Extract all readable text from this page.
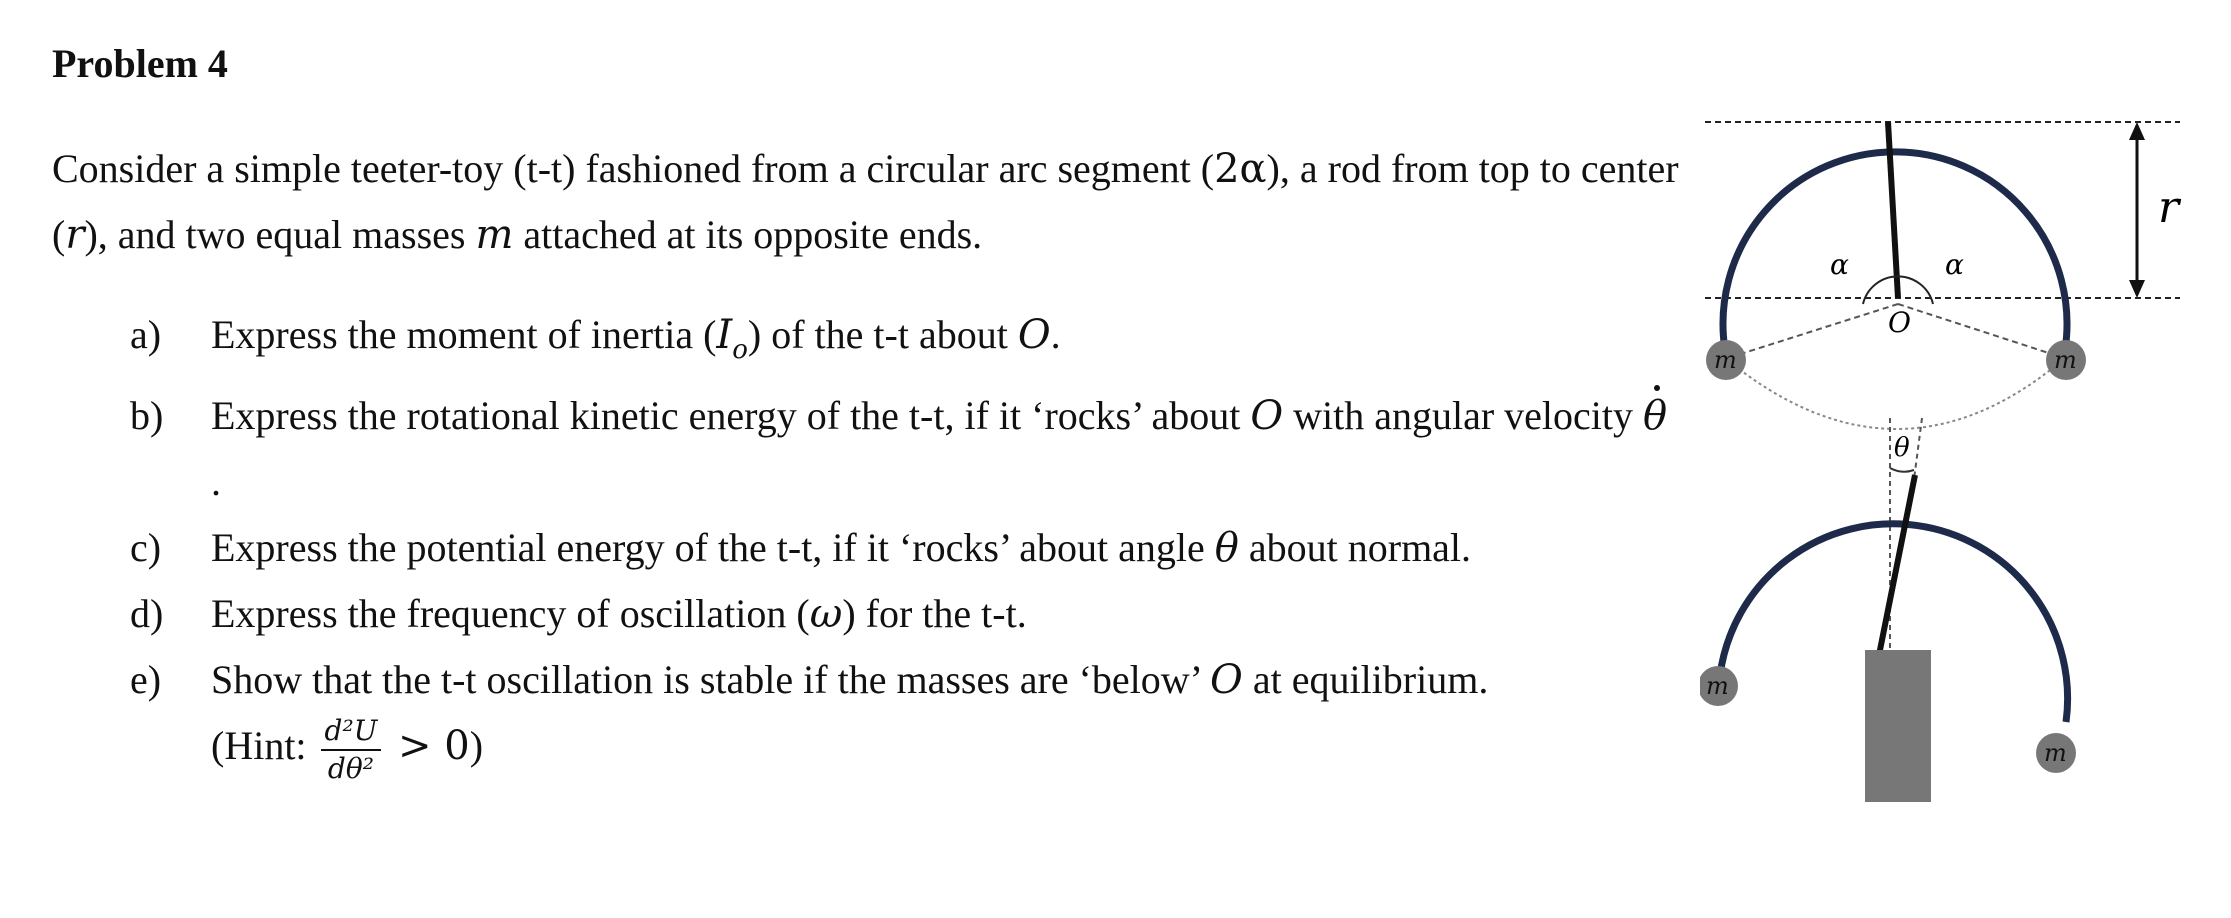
Problem 4

Consider a simple teeter-toy (t-t) fashioned from a circular arc segment (2α), a rod from top to center (r), and two equal masses m attached at its opposite ends.

a) Express the moment of inertia $(I_o)$ of the t-t about O.
b) Express the rotational kinetic energy of the t-t, if it ‘rocks’ about O with angular velocity θ.
c) Express the potential energy of the t-t, if it ‘rocks’ about angle θ about normal.
d) Express the frequency of oscillation (ω) for the t-t.
e) Show that the t-t oscillation is stable if the masses are ‘below’ O at equilibrium.
(Hint: $\frac{\text{d²U}}{\text{dθ²}} > 0$)
r
α	α
O
m	m
θ
m
m
